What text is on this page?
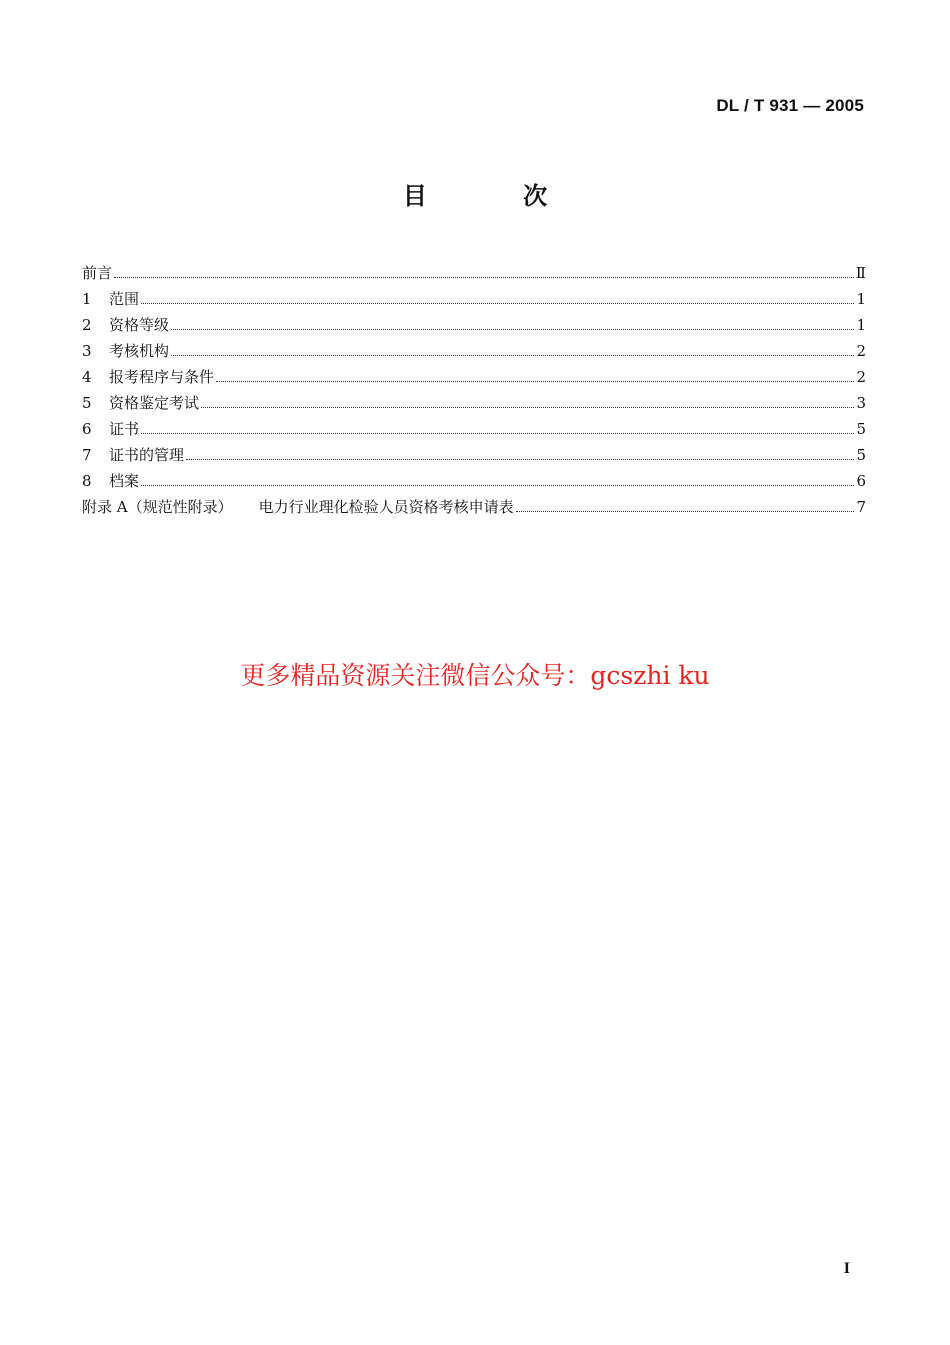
DL / T 931 — 2005
目 次
前言	Ⅱ
1	范围	1
2	资格等级	1
3	考核机构	2
4	报考程序与条件	2
5	资格鉴定考试	3
6	证书	5
7	证书的管理	5
8	档案	6
附录 A（规范性附录） 电力行业理化检验人员资格考核申请表	7
更多精品资源关注微信公众号：gcszhi ku
I
